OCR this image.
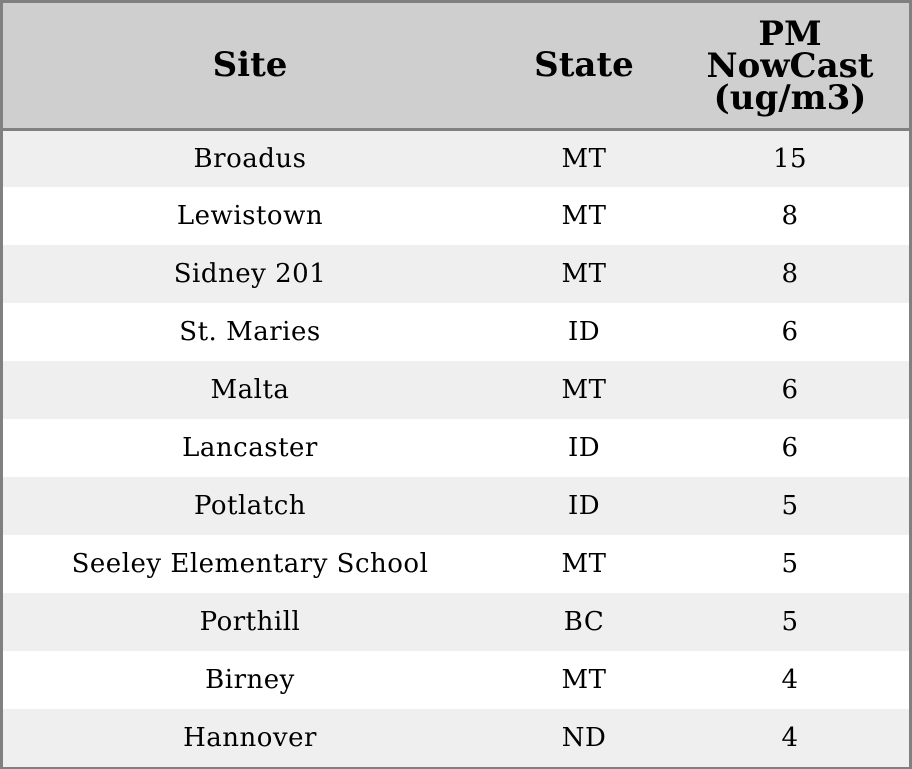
Site	State	PM
NowCast
(ug/m3)

Broadus	MT	15
Lewistown	MT	8
Sidney 201	MT	8
St. Maries	ID	6
Malta	MT	6
Lancaster	ID	6
Potlatch	ID	5
Seeley Elementary School	MT	5
Porthill	BC	5
Birney	MT	4
Hannover	ND	4
